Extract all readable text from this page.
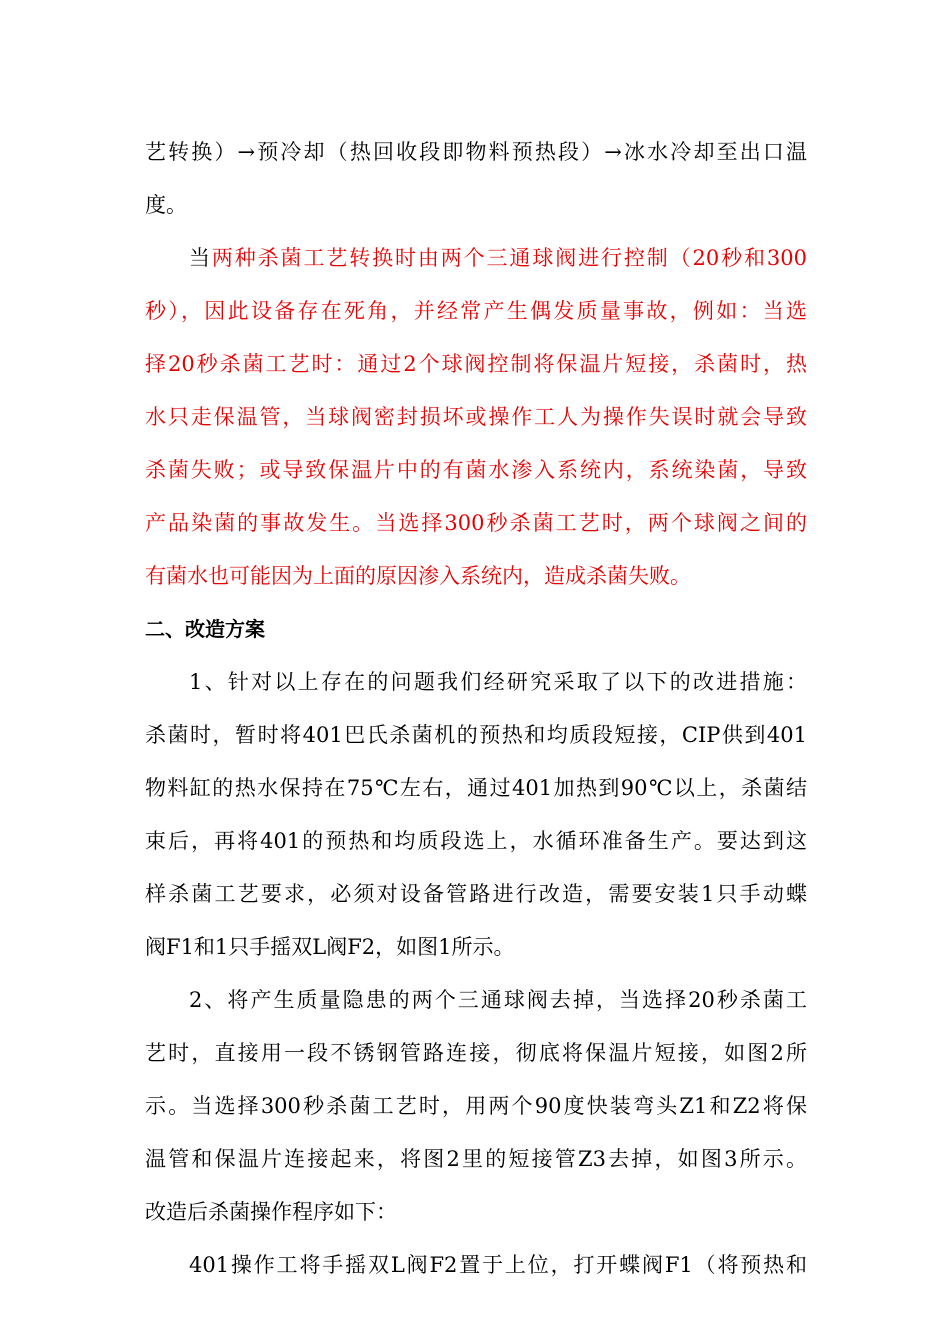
艺转换）→预冷却（热回收段即物料预热段）→冰水冷却至出口温
度。
当两种杀菌工艺转换时由两个三通球阀进行控制（20秒和300
秒），因此设备存在死角，并经常产生偶发质量事故，例如：当选
择20秒杀菌工艺时：通过2个球阀控制将保温片短接，杀菌时，热
水只走保温管，当球阀密封损坏或操作工人为操作失误时就会导致
杀菌失败；或导致保温片中的有菌水渗入系统内，系统染菌，导致
产品染菌的事故发生。当选择300秒杀菌工艺时，两个球阀之间的
有菌水也可能因为上面的原因渗入系统内，造成杀菌失败。
二、改造方案
1、针对以上存在的问题我们经研究采取了以下的改进措施：
杀菌时，暂时将401巴氏杀菌机的预热和均质段短接，CIP供到401
物料缸的热水保持在75℃左右，通过401加热到90℃以上，杀菌结
束后，再将401的预热和均质段选上，水循环准备生产。要达到这
样杀菌工艺要求，必须对设备管路进行改造，需要安装1只手动蝶
阀F1和1只手摇双L阀F2，如图1所示。
2、将产生质量隐患的两个三通球阀去掉，当选择20秒杀菌工
艺时，直接用一段不锈钢管路连接，彻底将保温片短接，如图2所
示。当选择300秒杀菌工艺时，用两个90度快装弯头Z1和Z2将保
温管和保温片连接起来，将图2里的短接管Z3去掉，如图3所示。
改造后杀菌操作程序如下：
401操作工将手摇双L阀F2置于上位，打开蝶阀F1（将预热和
